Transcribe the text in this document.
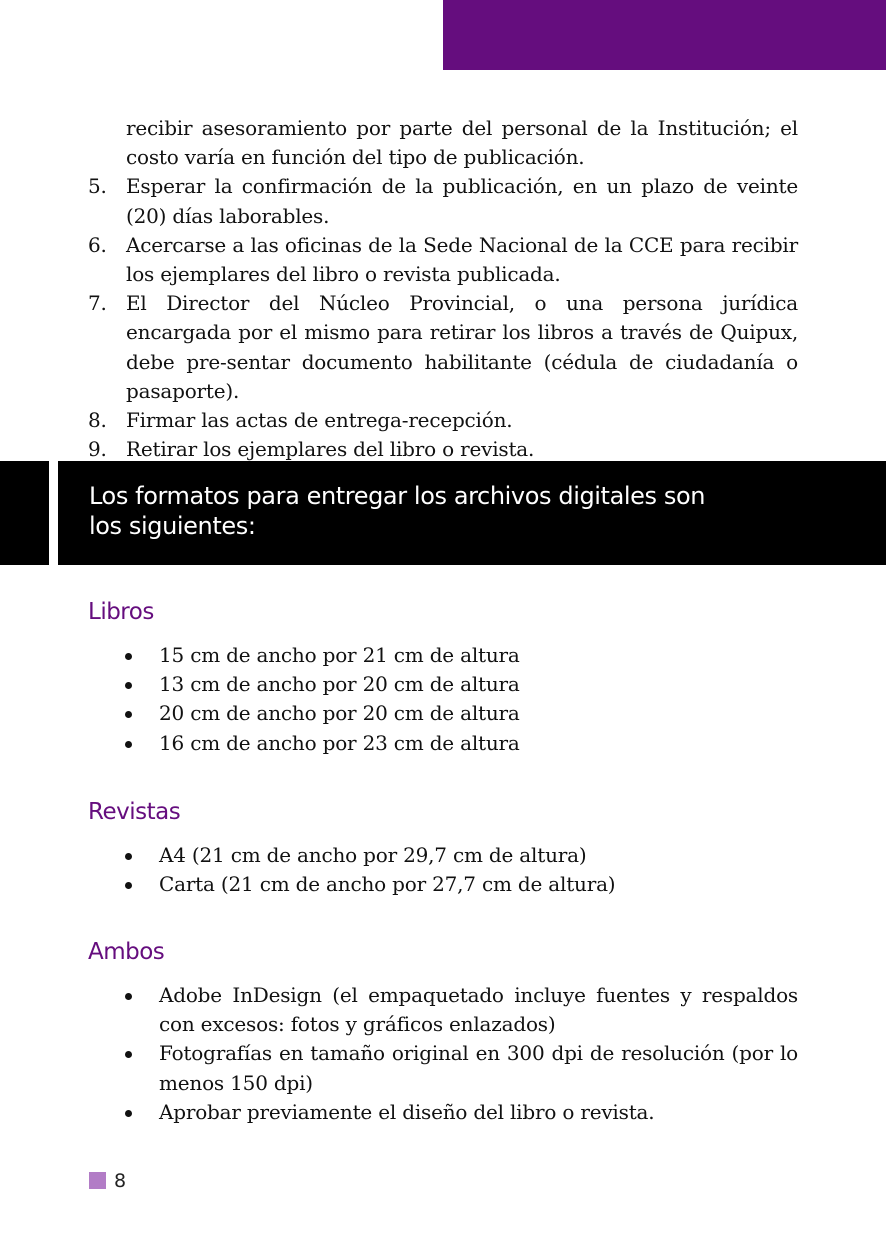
recibir asesoramiento por parte del personal de la Institución; el costo varía en función del tipo de publicación.
5. Esperar la confirmación de la publicación, en un plazo de veinte (20) días laborables.
6. Acercarse a las oficinas de la Sede Nacional de la CCE para recibir los ejemplares del libro o revista publicada.
7. El Director del Núcleo Provincial, o una persona jurídica encargada por el mismo para retirar los libros a través de Quipux, debe pre-sentar documento habilitante (cédula de ciudadanía o pasaporte).
8. Firmar las actas de entrega-recepción.
9. Retirar los ejemplares del libro o revista.
Los formatos para entregar los archivos digitales son los siguientes:
Libros
15 cm de ancho por 21 cm de altura
13 cm de ancho por 20 cm de altura
20 cm de ancho por 20 cm de altura
16 cm de ancho por 23 cm de altura
Revistas
A4 (21 cm de ancho por 29,7 cm de altura)
Carta (21 cm de ancho por 27,7 cm de altura)
Ambos
Adobe InDesign (el empaquetado incluye fuentes y respaldos con excesos: fotos y gráficos enlazados)
Fotografías en tamaño original en 300 dpi de resolución (por lo menos 150 dpi)
Aprobar previamente el diseño del libro o revista.
8
